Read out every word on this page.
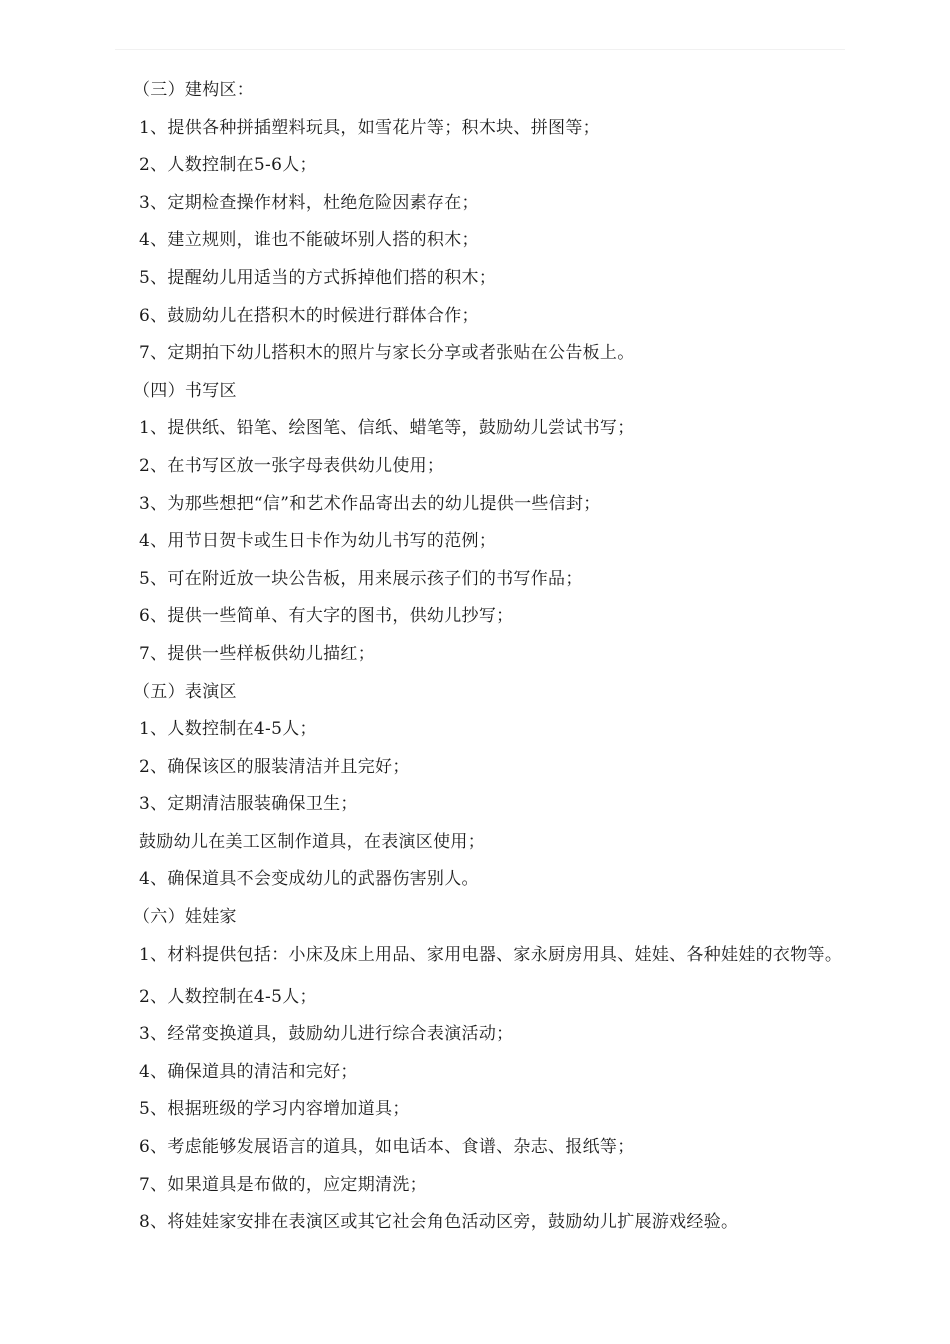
（三）建构区：
1、提供各种拼插塑料玩具，如雪花片等；积木块、拼图等；
2、人数控制在5-6人；
3、定期检查操作材料，杜绝危险因素存在；
4、建立规则，谁也不能破坏别人搭的积木；
5、提醒幼儿用适当的方式拆掉他们搭的积木；
6、鼓励幼儿在搭积木的时候进行群体合作；
7、定期拍下幼儿搭积木的照片与家长分享或者张贴在公告板上。
（四）书写区
1、提供纸、铅笔、绘图笔、信纸、蜡笔等，鼓励幼儿尝试书写；
2、在书写区放一张字母表供幼儿使用；
3、为那些想把“信”和艺术作品寄出去的幼儿提供一些信封；
4、用节日贺卡或生日卡作为幼儿书写的范例；
5、可在附近放一块公告板，用来展示孩子们的书写作品；
6、提供一些简单、有大字的图书，供幼儿抄写；
7、提供一些样板供幼儿描红；
（五）表演区
1、人数控制在4-5人；
2、确保该区的服装清洁并且完好；
3、定期清洁服装确保卫生；
鼓励幼儿在美工区制作道具，在表演区使用；
4、确保道具不会变成幼儿的武器伤害别人。
（六）娃娃家

1、材料提供包括：小床及床上用品、家用电器、家永厨房用具、娃娃、各种娃娃的衣物等。

2、人数控制在4-5人；
3、经常变换道具，鼓励幼儿进行综合表演活动；
4、确保道具的清洁和完好；
5、根据班级的学习内容增加道具；
6、考虑能够发展语言的道具，如电话本、食谱、杂志、报纸等；
7、如果道具是布做的，应定期清洗；
8、将娃娃家安排在表演区或其它社会角色活动区旁，鼓励幼儿扩展游戏经验。
